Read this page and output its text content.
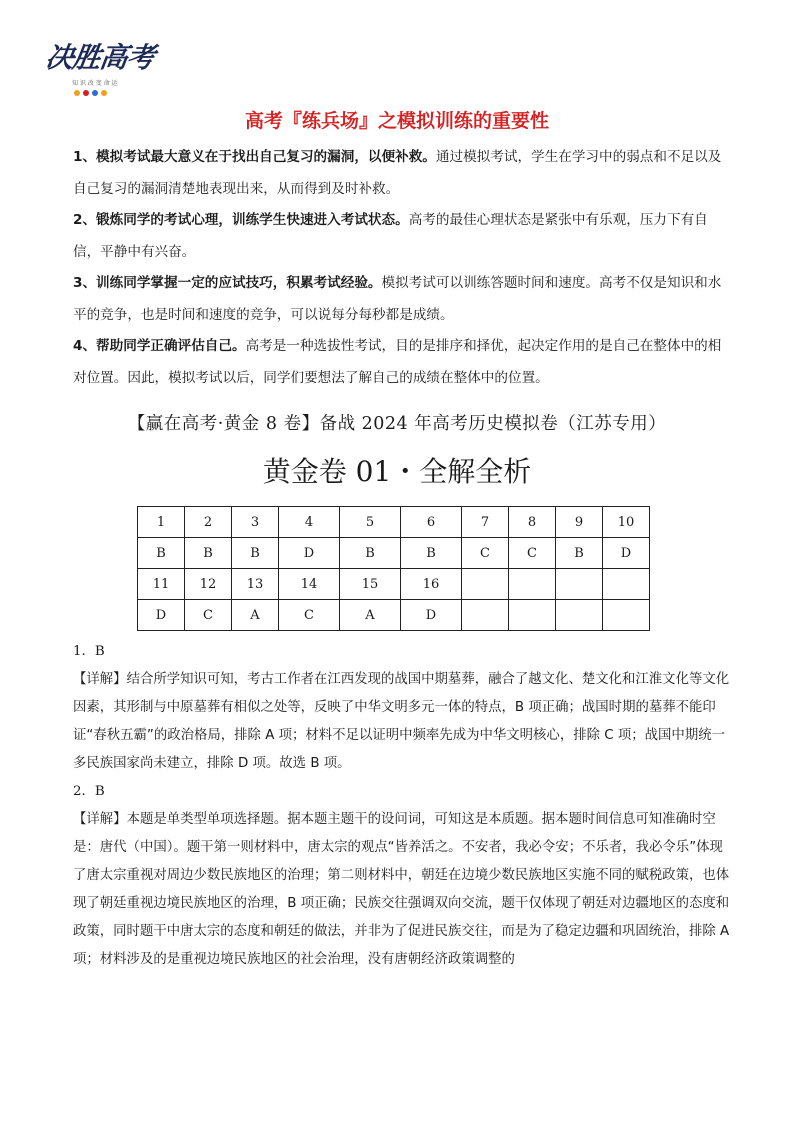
决胜高考
知 识 改 变 命 运
高考『练兵场』之模拟训练的重要性

1、模拟考试最大意义在于找出自己复习的漏洞，以便补救。通过模拟考试，学生在学习中的弱点和不足以及自己复习的漏洞清楚地表现出来，从而得到及时补救。

2、锻炼同学的考试心理，训练学生快速进入考试状态。高考的最佳心理状态是紧张中有乐观，压力下有自信，平静中有兴奋。

3、训练同学掌握一定的应试技巧，积累考试经验。模拟考试可以训练答题时间和速度。高考不仅是知识和水平的竞争，也是时间和速度的竞争，可以说每分每秒都是成绩。

4、帮助同学正确评估自己。高考是一种选拔性考试，目的是排序和择优，起决定作用的是自己在整体中的相对位置。因此，模拟考试以后，同学们要想法了解自己的成绩在整体中的位置。

【赢在高考·黄金 8 卷】备战 2024 年高考历史模拟卷（江苏专用）
黄金卷 01・全解全析
1	2	3	4	5	6	7	8	9	10
B	B	B	D	B	B	C	C	B	D
11	12	13	14	15	16				
D	C	A	C	A	D				

1．B

【详解】结合所学知识可知，考古工作者在江西发现的战国中期墓葬，融合了越文化、楚文化和江淮文化等文化因素，其形制与中原墓葬有相似之处等，反映了中华文明多元一体的特点，B 项正确；战国时期的墓葬不能印证“春秋五霸”的政治格局，排除 A 项；材料不足以证明中频率先成为中华文明核心，排除 C 项；战国中期统一多民族国家尚未建立，排除 D 项。故选 B 项。

2．B

【详解】本题是单类型单项选择题。据本题主题干的设问词，可知这是本质题。据本题时间信息可知准确时空是：唐代（中国）。题干第一则材料中，唐太宗的观点“皆养活之。不安者，我必令安；不乐者，我必令乐”体现了唐太宗重视对周边少数民族地区的治理；第二则材料中，朝廷在边境少数民族地区实施不同的赋税政策，也体现了朝廷重视边境民族地区的治理，B 项正确；民族交往强调双向交流，题干仅体现了朝廷对边疆地区的态度和政策，同时题干中唐太宗的态度和朝廷的做法，并非为了促进民族交往，而是为了稳定边疆和巩固统治，排除 A 项；材料涉及的是重视边境民族地区的社会治理，没有唐朝经济政策调整的
